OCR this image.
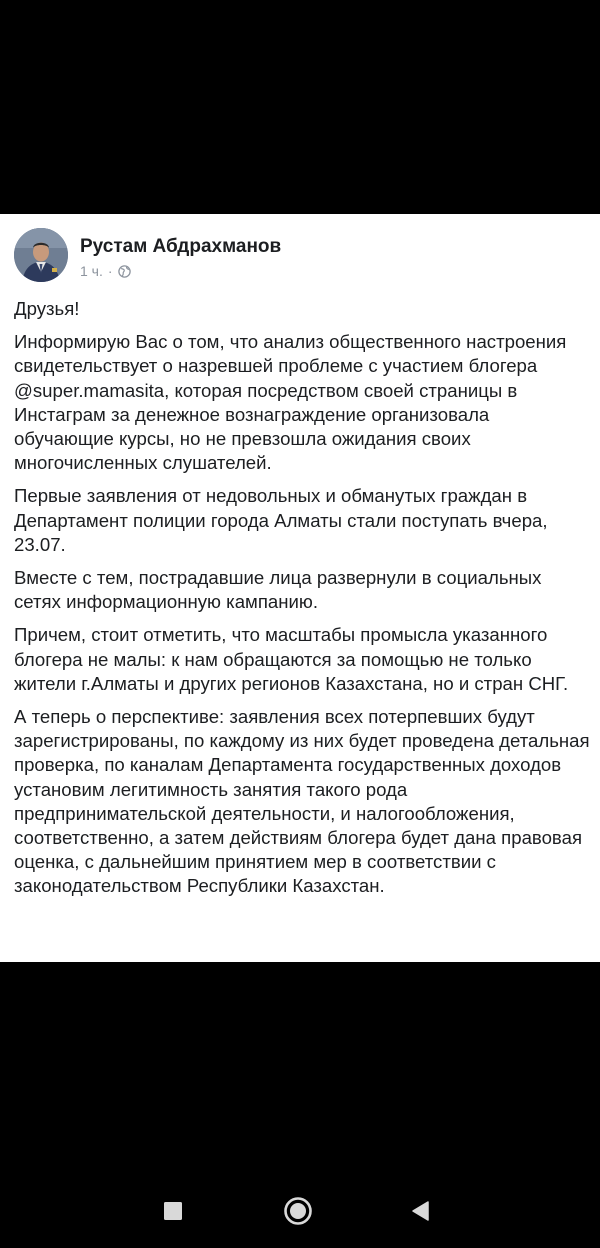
Рустам Абдрахманов
1 ч. ·

Друзья!

Информирую Вас о том, что анализ общественного настроения свидетельствует о назревшей проблеме с участием блогера @super.mamasita, которая посредством своей страницы в Инстаграм за денежное вознаграждение организовала обучающие курсы, но не превзошла ожидания своих многочисленных слушателей.

Первые заявления от недовольных и обманутых граждан в Департамент полиции города Алматы стали поступать вчера, 23.07.

Вместе с тем, пострадавшие лица развернули в социальных сетях информационную кампанию.

Причем, стоит отметить, что масштабы промысла указанного блогера не малы: к нам обращаются за помощью не только жители г.Алматы и других регионов Казахстана, но и стран СНГ.

А теперь о перспективе: заявления всех потерпевших будут зарегистрированы, по каждому из них будет проведена детальная проверка, по каналам Департамента государственных доходов установим легитимность занятия такого рода предпринимательской деятельности, и налогообложения, соответственно, а затем действиям блогера будет дана правовая оценка, с дальнейшим принятием мер в соответствии с законодательством Республики Казахстан.
